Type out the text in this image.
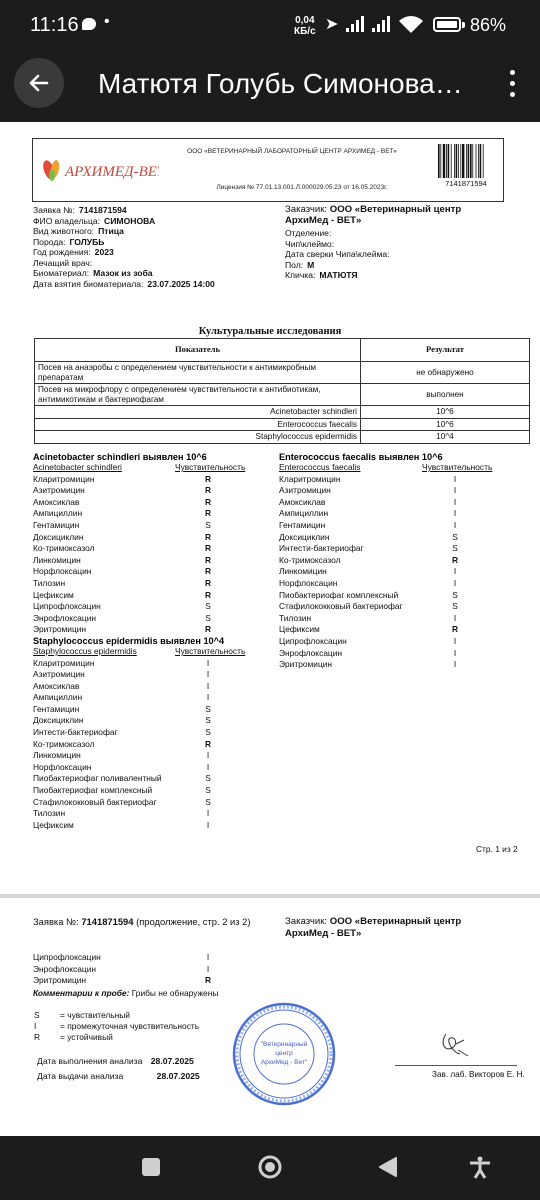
11:16 •	0,04
КБ/с ➤	86%
Матютя Голубь Симонова…
АРХИМЕД-ВЕТ
ООО «ВЕТЕРИНАРНЫЙ ЛАБОРАТОРНЫЙ ЦЕНТР АРХИМЕД - ВЕТ»
Лицензия № 77.01.13.001.Л.000029.05.23 от 16.05.2023г.	7141871594
Заявка №: 7141871594
ФИО владельца: СИМОНОВА
Вид животного: Птица
Порода: ГОЛУБЬ
Год рождения: 2023
Лечащий врач:
Биоматериал: Мазок из зоба
Дата взятия биоматериала: 23.07.2025 14:00
Заказчик: ООО «Ветеринарный центр
АрхиМед - ВЕТ»
Отделение:
Чип\клеймо:
Дата сверки Чипа\клейма:
Пол: М
Кличка: МАТЮТЯ
Культуральные исследования
Показатель	Результат
Посев на анаэробы с определением чувствительности к антимикробным препаратам	не обнаружено
Посев на микрофлору с определением чувствительности к антибиотикам, антимикотикам и бактериофагам	выполнен
Acinetobacter schindleri	10^6
Enterococcus faecalis	10^6
Staphylococcus epidermidis	10^4
Acinetobacter schindleri выявлен 10^6
Acinetobacter schindleri	Чувствительность
Кларитромицин	R
Азитромицин	R
Амоксиклав	R
Ампициллин	R
Гентамицин	S
Доксициклин	R
Ко-тримоксазол	R
Линкомицин	R
Норфлоксацин	R
Тилозин	R
Цефиксим	R
Ципрофлоксацин	S
Энрофлоксацин	S
Эритромицин	R
Staphylococcus epidermidis выявлен 10^4
Staphylococcus epidermidis	Чувствительность
Кларитромицин	I
Азитромицин	I
Амоксиклав	I
Ампициллин	I
Гентамицин	S
Доксициклин	S
Интести-бактериофаг	S
Ко-тримоксазол	R
Линкомицин	I
Норфлоксацин	I
Пиобактериофаг поливалентный	S
Пиобактериофаг комплексный	S
Стафилококковый бактериофаг	S
Тилозин	I
Цефиксим	I
Enterococcus faecalis выявлен 10^6
Enterococcus faecalis	Чувствительность
Кларитромицин	I
Азитромицин	I
Амоксиклав	I
Ампициллин	I
Гентамицин	I
Доксициклин	S
Интести-бактериофаг	S
Ко-тримоксазол	R
Линкомицин	I
Норфлоксацин	I
Пиобактериофаг комплексный	S
Стафилококковый бактериофаг	S
Тилозин	I
Цефиксим	R
Ципрофлоксацин	I
Энрофлоксацин	I
Эритромицин	I
Стр. 1 из 2
Заявка №: 7141871594 (продолжение, стр. 2 из 2)	Заказчик: ООО «Ветеринарный центр
АрхиМед - ВЕТ»
Ципрофлоксацин	I
Энрофлоксацин	I
Эритромицин	R
Комментарии к пробе: Грибы не обнаружены
S = чувствительный
I	= промежуточная чувствительность
R = устойчивый
Дата выполнения анализа 28.07.2025
Дата выдачи анализа	28.07.2025
"Ветеринарный
центр
АрхиМед - Вет"
Зав. лаб. Викторов Е. Н.
